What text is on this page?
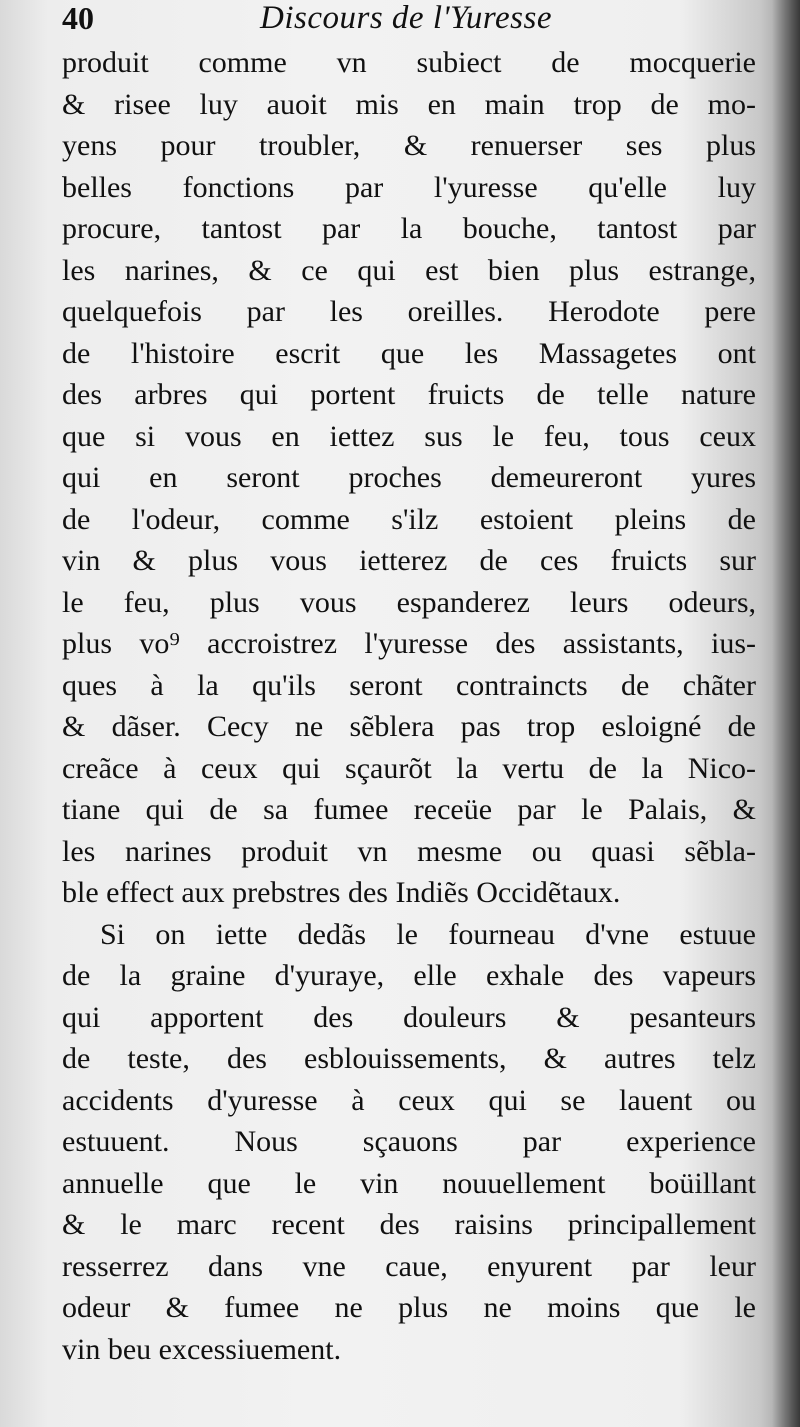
40	Discours de l'Yuresse
produit comme vn subiect de mocquerie
& risee luy auoit mis en main trop de mo-
yens pour troubler, & renuerser ses plus
belles fonctions par l'yuresse qu'elle luy
procure, tantost par la bouche, tantost par
les narines, & ce qui est bien plus estrange,
quelquefois par les oreilles. Herodote pere
de l'histoire escrit que les Massagetes ont
des arbres qui portent fruicts de telle nature
que si vous en iettez sus le feu, tous ceux
qui en seront proches demeureront yures
de l'odeur, comme s'ilz estoient pleins de
vin & plus vous ietterez de ces fruicts sur
le feu, plus vous espanderez leurs odeurs,
plus vo⁹ accroistrez l'yuresse des assistants, ius-
ques à la qu'ils seront contraincts de chãter
& dãser. Cecy ne sẽblera pas trop esloigné de
creãce à ceux qui sçaurõt la vertu de la Nico-
tiane qui de sa fumee receüe par le Palais, &
les narines produit vn mesme ou quasi sẽbla-
ble effect aux prebstres des Indiẽs Occidẽtaux.
Si on iette dedãs le fourneau d'vne estuue
de la graine d'yuraye, elle exhale des vapeurs
qui apportent des douleurs & pesanteurs
de teste, des esblouissements, & autres telz
accidents d'yuresse à ceux qui se lauent ou
estuuent. Nous sçauons par experience
annuelle que le vin nouuellement boüillant
& le marc recent des raisins principallement
resserrez dans vne caue, enyurent par leur
odeur & fumee ne plus ne moins que le
vin beu excessiuement.
